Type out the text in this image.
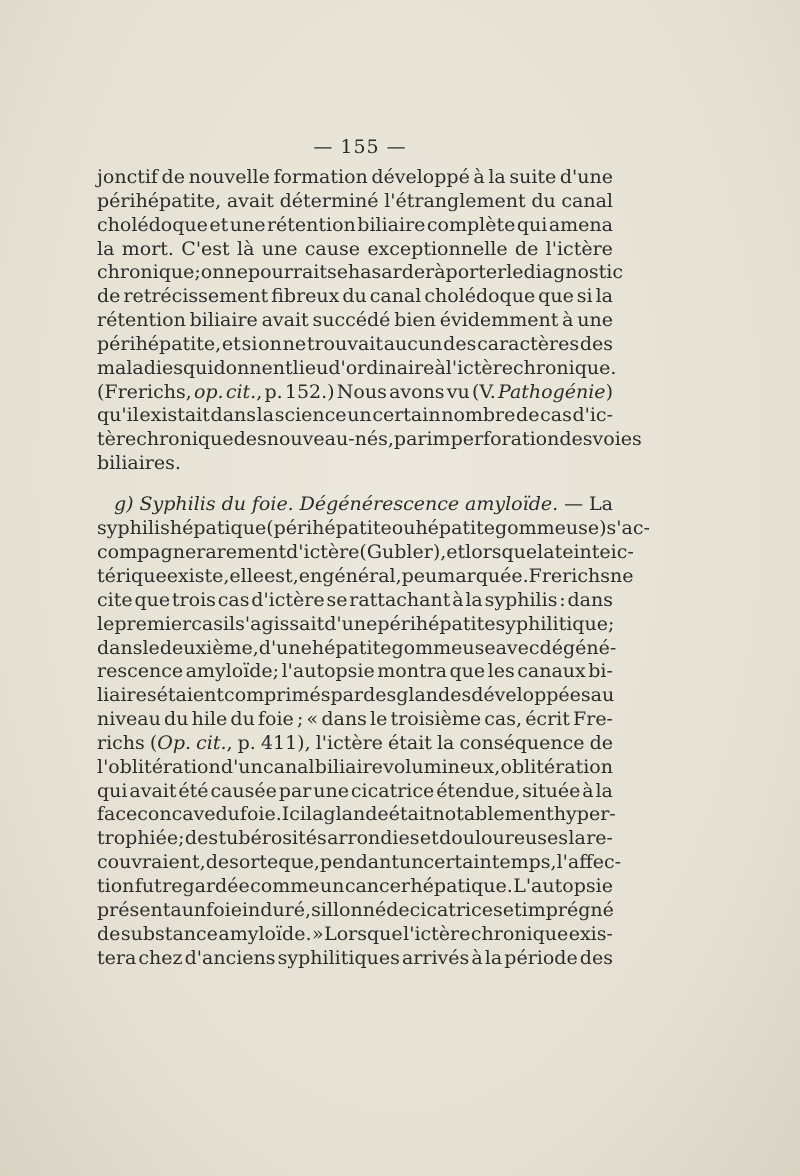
— 155 —
jonctif de nouvelle formation développé à la suite d'une
périhépatite, avait déterminé l'étranglement du canal
cholédoque et une rétention biliaire complète qui amena
la mort. C'est là une cause exceptionnelle de l'ictère
chronique; on ne pourrait se hasarder à porter le diagnostic
de retrécissement fibreux du canal cholédoque que si la
rétention biliaire avait succédé bien évidemment à une
périhépatite, et si on ne trouvait aucun des caractères des
maladies qui donnent lieu d'ordinaire à l'ictère chronique.
(Frerichs, op. cit., p. 152.) Nous avons vu (V. Pathogénie)
qu'il existait dans la science un certain nombre de cas d'ic-
tère chronique des nouveau-nés, par imperforation des voies
biliaires.
g) Syphilis du foie. Dégénérescence amyloïde. — La
syphilis hépatique (périhépatite ou hépatite gommeuse) s'ac-
compagne rarement d'ictère (Gubler), et lorsque la teinte ic-
térique existe, elle est, en général, peu marquée. Frerichs ne
cite que trois cas d'ictère se rattachant à la syphilis : dans
le premier cas il s'agissait d'une périhépatite syphilitique;
dans le deuxième, d'une hépatite gommeuse avec dégéné-
rescence amyloïde; l'autopsie montra que les canaux bi-
liaires étaient comprimés par des glandes développées au
niveau du hile du foie ; « dans le troisième cas, écrit Fre-
richs (Op. cit., p. 411), l'ictère était la conséquence de
l'oblitération d'un canal biliaire volumineux , oblitération
qui avait été causée par une cicatrice étendue, située à la
face concave du foie. Ici la glande était notablement hyper-
trophiée; des tubérosités arrondies et douloureuses la re-
couvraient, de sorte que, pendant un certain temps, l'affec-
tion fut regardée comme un cancer hépatique. L'autopsie
présenta un foie induré, sillonné de cicatrices et imprégné
de substance amyloïde. » Lorsque l'ictère chronique exis-
tera chez d'anciens syphilitiques arrivés à la période des
